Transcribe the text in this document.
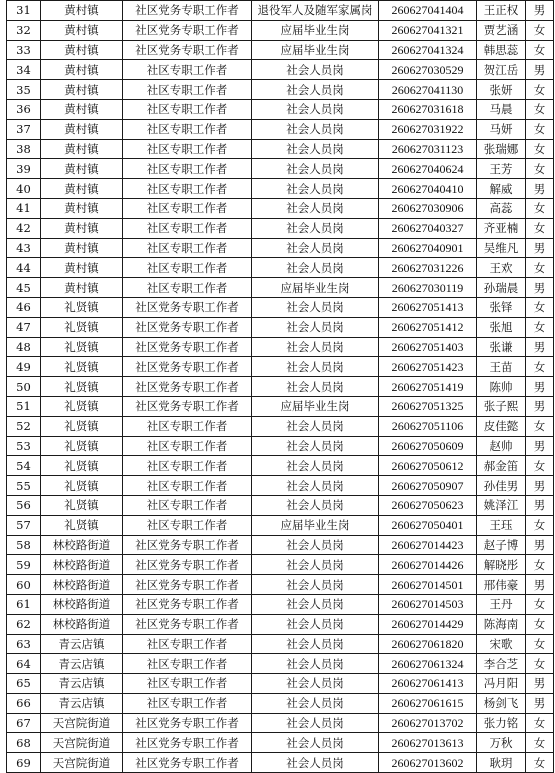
31	黄村镇	社区党务专职工作者	退役军人及随军家属岗	260627041404	王正权	男
32	黄村镇	社区党务专职工作者	应届毕业生岗	260627041321	贾艺涵	女
33	黄村镇	社区党务专职工作者	应届毕业生岗	260627041324	韩思蕊	女
34	黄村镇	社区专职工作者	社会人员岗	260627030529	贺江岳	男
35	黄村镇	社区专职工作者	社会人员岗	260627041130	张妍	女
36	黄村镇	社区专职工作者	社会人员岗	260627031618	马晨	女
37	黄村镇	社区专职工作者	社会人员岗	260627031922	马妍	女
38	黄村镇	社区专职工作者	社会人员岗	260627031123	张瑞娜	女
39	黄村镇	社区专职工作者	社会人员岗	260627040624	王芳	女
40	黄村镇	社区专职工作者	社会人员岗	260627040410	解威	男
41	黄村镇	社区专职工作者	社会人员岗	260627030906	高蕊	女
42	黄村镇	社区专职工作者	社会人员岗	260627040327	齐亚楠	女
43	黄村镇	社区专职工作者	社会人员岗	260627040901	吴维凡	男
44	黄村镇	社区专职工作者	社会人员岗	260627031226	王欢	女
45	黄村镇	社区专职工作者	应届毕业生岗	260627030119	孙瑞晨	男
46	礼贤镇	社区党务专职工作者	社会人员岗	260627051413	张铎	女
47	礼贤镇	社区党务专职工作者	社会人员岗	260627051412	张旭	女
48	礼贤镇	社区党务专职工作者	社会人员岗	260627051403	张谦	男
49	礼贤镇	社区党务专职工作者	社会人员岗	260627051423	王苗	女
50	礼贤镇	社区党务专职工作者	社会人员岗	260627051419	陈帅	男
51	礼贤镇	社区党务专职工作者	应届毕业生岗	260627051325	张子熙	男
52	礼贤镇	社区专职工作者	社会人员岗	260627051106	皮佳懿	女
53	礼贤镇	社区专职工作者	社会人员岗	260627050609	赵帅	男
54	礼贤镇	社区专职工作者	社会人员岗	260627050612	郝金笛	女
55	礼贤镇	社区专职工作者	社会人员岗	260627050907	孙佳男	男
56	礼贤镇	社区专职工作者	社会人员岗	260627050623	姚泽江	男
57	礼贤镇	社区专职工作者	应届毕业生岗	260627050401	王珏	女
58	林校路街道	社区党务专职工作者	社会人员岗	260627014423	赵子博	男
59	林校路街道	社区党务专职工作者	社会人员岗	260627014426	解晓彤	女
60	林校路街道	社区党务专职工作者	社会人员岗	260627014501	邢伟豪	男
61	林校路街道	社区党务专职工作者	社会人员岗	260627014503	王丹	女
62	林校路街道	社区党务专职工作者	社会人员岗	260627014429	陈海南	女
63	青云店镇	社区专职工作者	社会人员岗	260627061820	宋歌	女
64	青云店镇	社区专职工作者	社会人员岗	260627061324	李合芝	女
65	青云店镇	社区专职工作者	社会人员岗	260627061413	冯月阳	男
66	青云店镇	社区专职工作者	社会人员岗	260627061615	杨剑飞	男
67	天宫院街道	社区党务专职工作者	社会人员岗	260627013702	张力铭	女
68	天宫院街道	社区党务专职工作者	社会人员岗	260627013613	万秋	女
69	天宫院街道	社区党务专职工作者	社会人员岗	260627013602	耿玥	女
